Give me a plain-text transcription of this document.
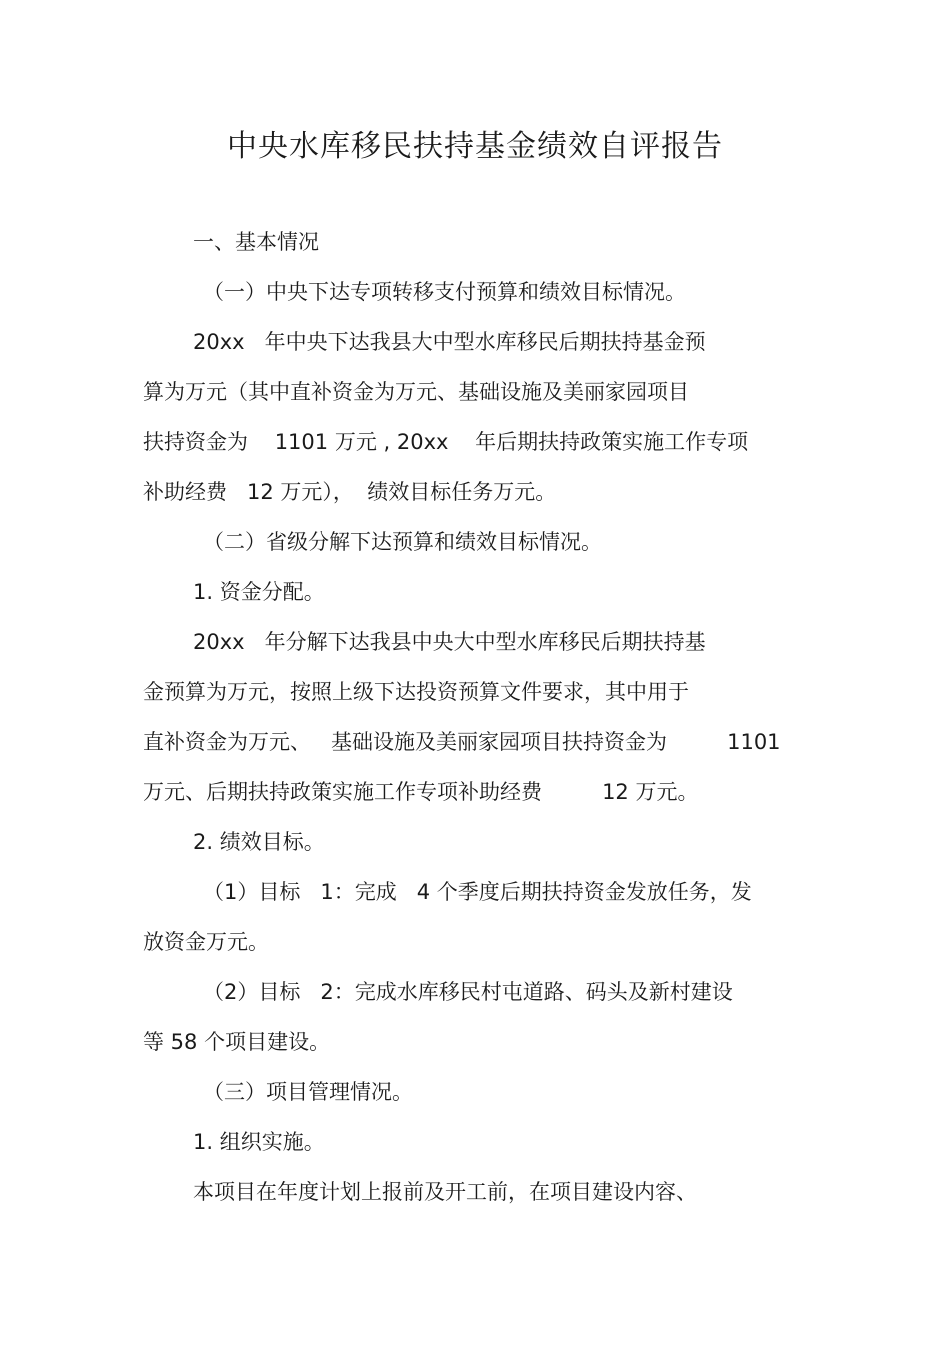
中央水库移民扶持基金绩效自评报告
一、基本情况
（一）中央下达专项转移支付预算和绩效目标情况。
20xx   年中央下达我县大中型水库移民后期扶持基金预
算为万元（其中直补资金为万元、基础设施及美丽家园项目
扶持资金为    1101 万元 , 20xx    年后期扶持政策实施工作专项
补助经费   12 万元），  绩效目标任务万元。
（二）省级分解下达预算和绩效目标情况。
1. 资金分配。
20xx   年分解下达我县中央大中型水库移民后期扶持基
金预算为万元，按照上级下达投资预算文件要求，其中用于
直补资金为万元、   基础设施及美丽家园项目扶持资金为         1101
万元、后期扶持政策实施工作专项补助经费         12 万元。
2. 绩效目标。
（1）目标   1：完成   4 个季度后期扶持资金发放任务，发
放资金万元。
（2）目标   2：完成水库移民村屯道路、码头及新村建设
等 58 个项目建设。
（三）项目管理情况。
1. 组织实施。
本项目在年度计划上报前及开工前，在项目建设内容、
